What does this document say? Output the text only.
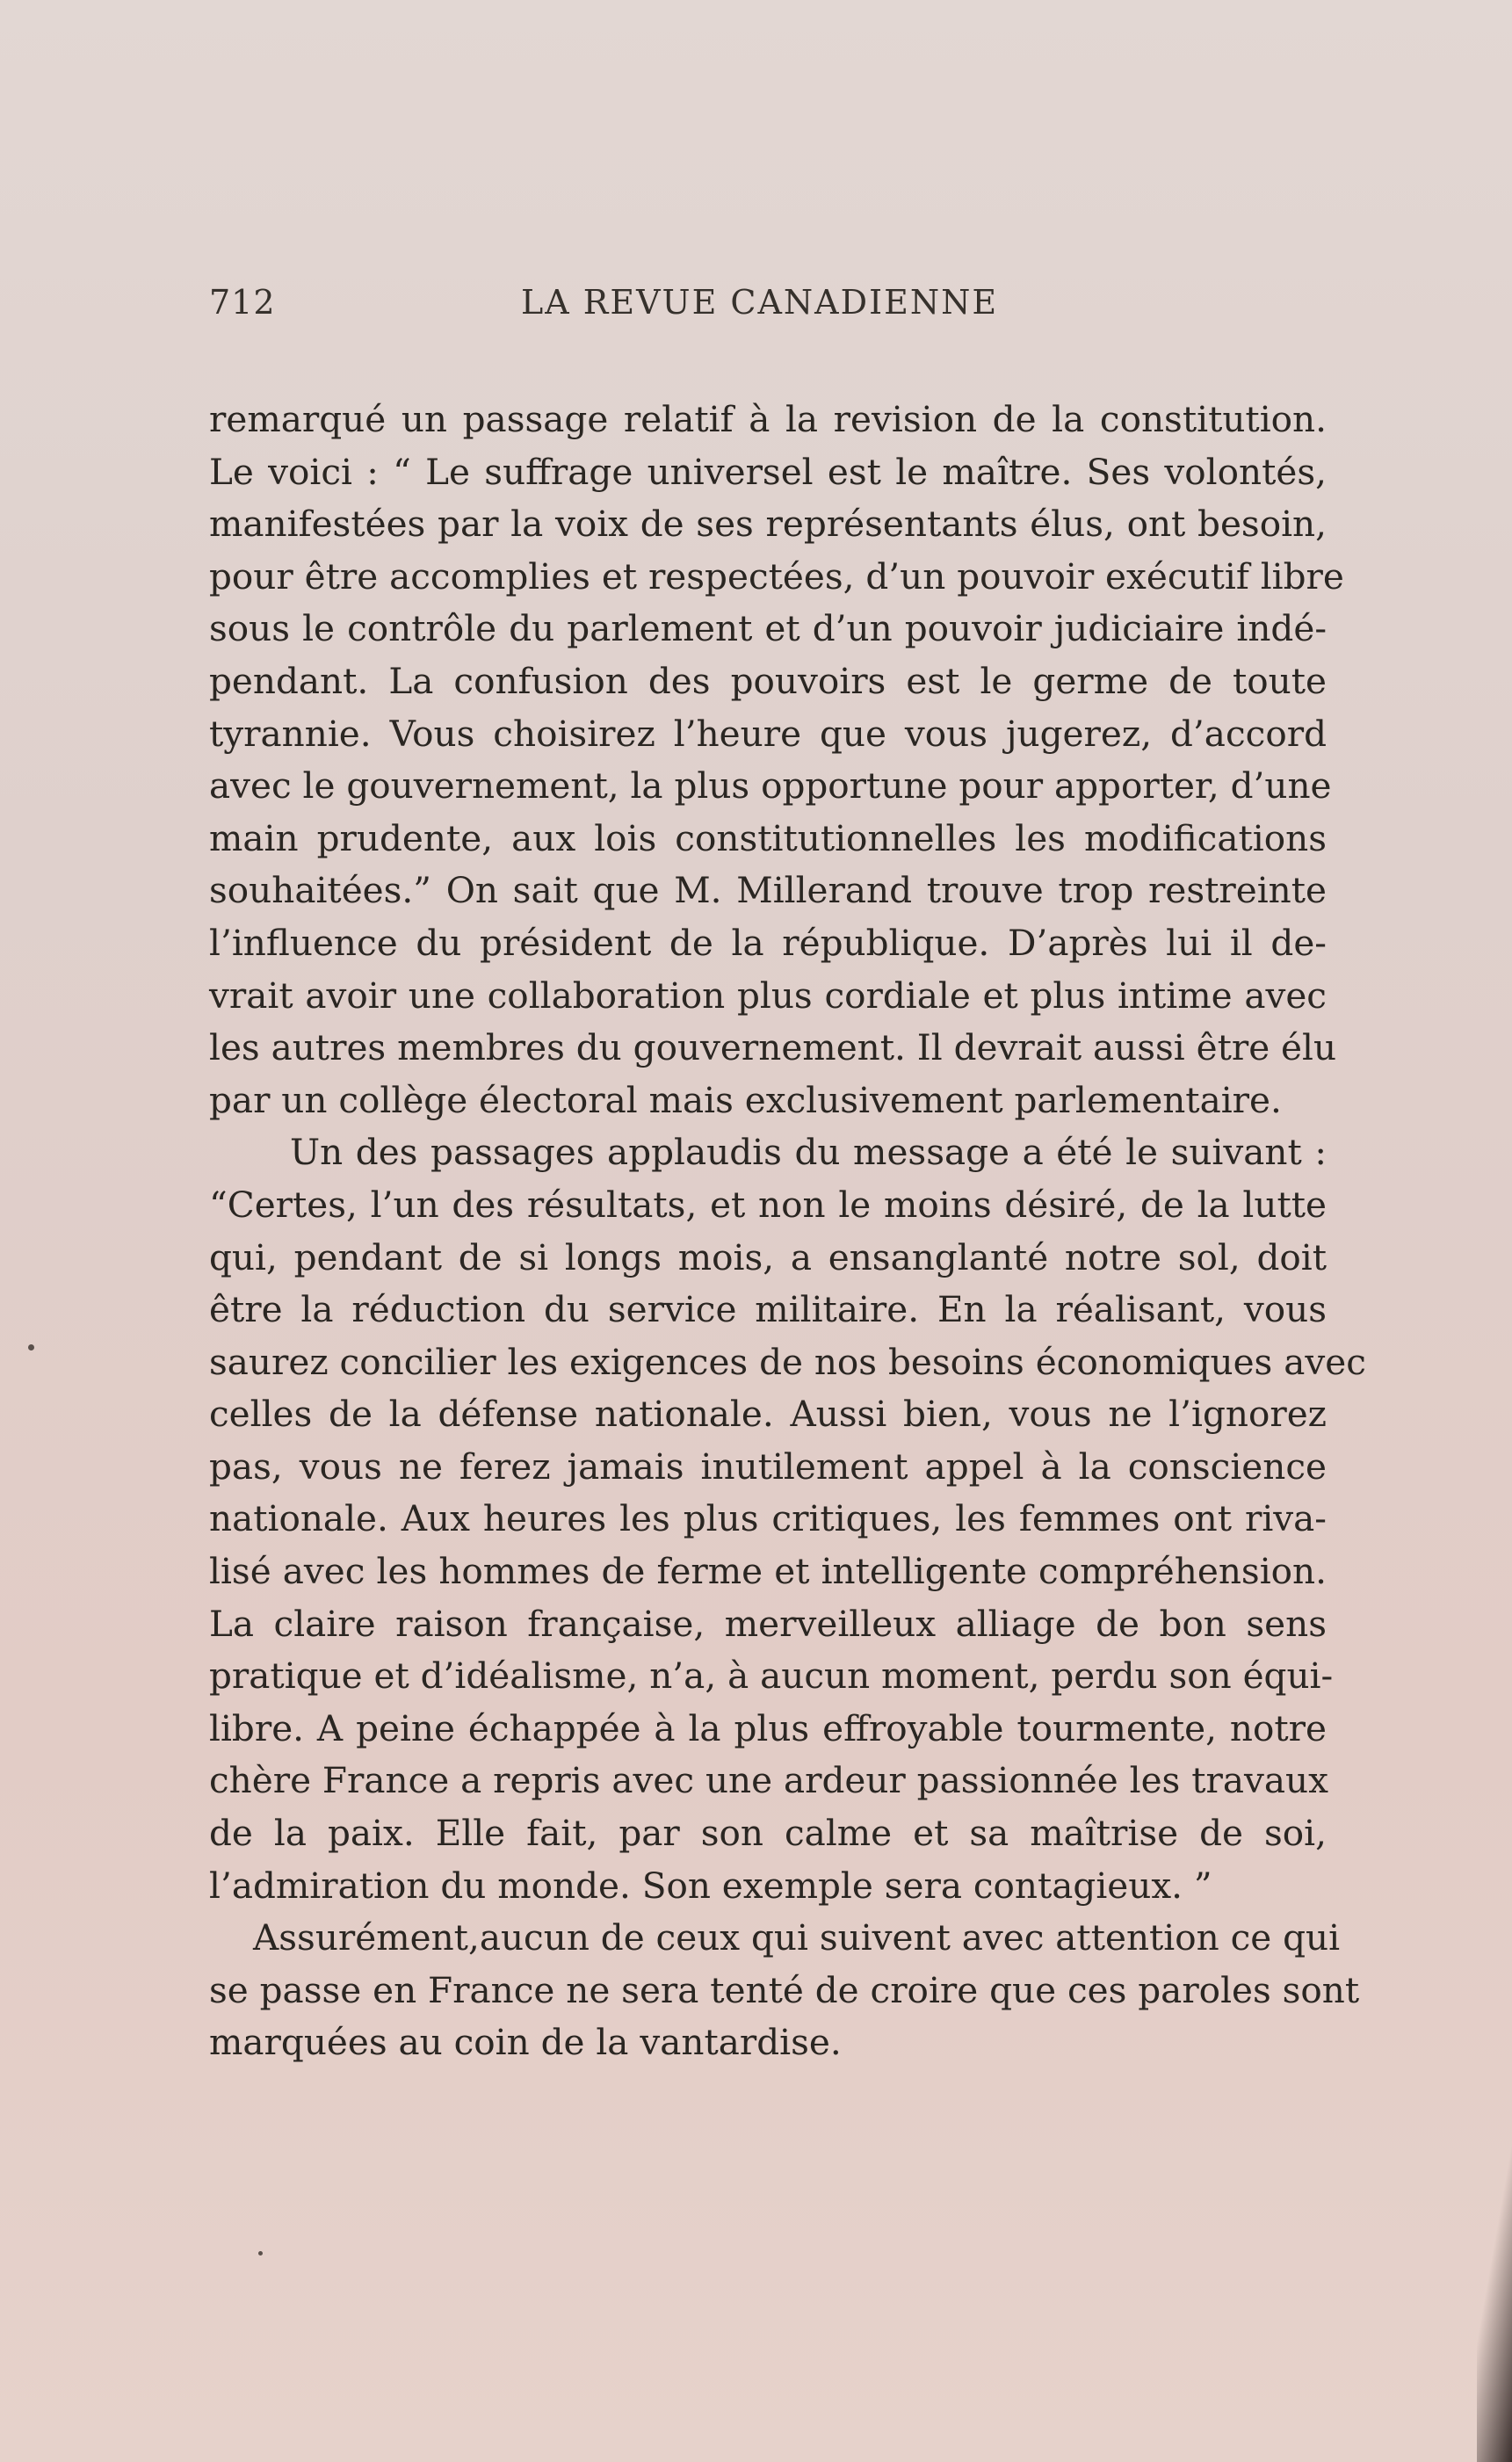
712	LA REVUE CANADIENNE
remarqué un passage relatif à la revision de la constitution.
Le voici : “ Le suffrage universel est le maître. Ses volontés,
manifestées par la voix de ses représentants élus, ont besoin,
pour être accomplies et respectées, d’un pouvoir exécutif libre
sous le contrôle du parlement et d’un pouvoir judiciaire indé-
pendant. La confusion des pouvoirs est le germe de toute
tyrannie. Vous choisirez l’heure que vous jugerez, d’accord
avec le gouvernement, la plus opportune pour apporter, d’une
main prudente, aux lois constitutionnelles les modifications
souhaitées.” On sait que M. Millerand trouve trop restreinte
l’influence du président de la république. D’après lui il de-
vrait avoir une collaboration plus cordiale et plus intime avec
les autres membres du gouvernement. Il devrait aussi être élu
par un collège électoral mais exclusivement parlementaire.
Un des passages applaudis du message a été le suivant :
“Certes, l’un des résultats, et non le moins désiré, de la lutte
qui, pendant de si longs mois, a ensanglanté notre sol, doit
être la réduction du service militaire. En la réalisant, vous
saurez concilier les exigences de nos besoins économiques avec
celles de la défense nationale. Aussi bien, vous ne l’ignorez
pas, vous ne ferez jamais inutilement appel à la conscience
nationale. Aux heures les plus critiques, les femmes ont riva-
lisé avec les hommes de ferme et intelligente compréhension.
La claire raison française, merveilleux alliage de bon sens
pratique et d’idéalisme, n’a, à aucun moment, perdu son équi-
libre. A peine échappée à la plus effroyable tourmente, notre
chère France a repris avec une ardeur passionnée les travaux
de la paix. Elle fait, par son calme et sa maîtrise de soi,
l’admiration du monde. Son exemple sera contagieux. ”
Assurément,aucun de ceux qui suivent avec attention ce qui
se passe en France ne sera tenté de croire que ces paroles sont
marquées au coin de la vantardise.
